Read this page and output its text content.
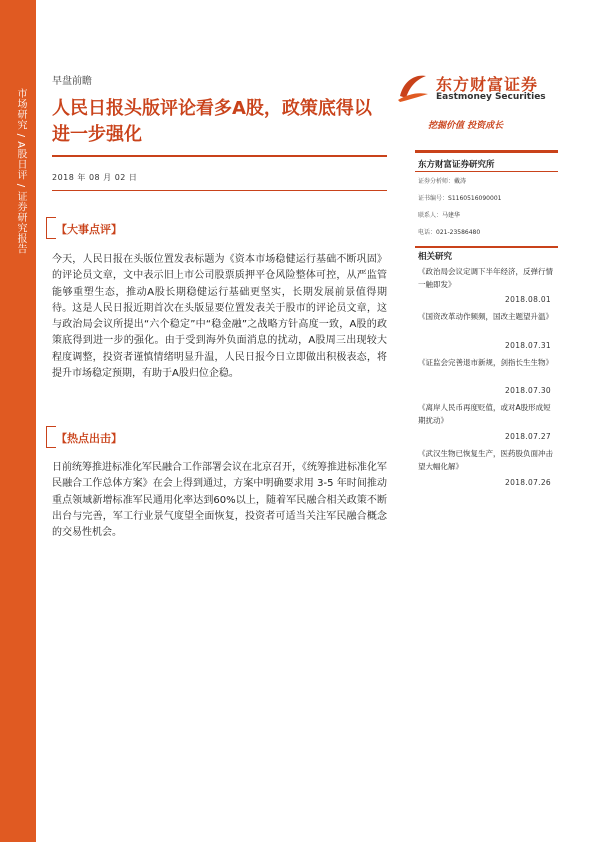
市场研究 / A股日评 / 证券研究报告
早盘前瞻
人民日报头版评论看多A股，政策底得以进一步强化
2018 年 08 月 02 日
【大事点评】
今天，人民日报在头版位置发表标题为《资本市场稳健运行基础不断巩固》的评论员文章，文中表示旧上市公司股票质押平仓风险整体可控，从严监管能够重塑生态，推动A股长期稳健运行基础更坚实，长期发展前景值得期待。这是人民日报近期首次在头版显要位置发表关于股市的评论员文章，这与政治局会议所提出“六个稳定”中“稳金融”之战略方针高度一致，A股的政策底得到进一步的强化。由于受到海外负面消息的扰动，A股周三出现较大程度调整，投资者谨慎情绪明显升温，人民日报今日立即做出积极表态，将提升市场稳定预期，有助于A股归位企稳。
【热点出击】
日前统筹推进标准化军民融合工作部署会议在北京召开，《统筹推进标准化军民融合工作总体方案》在会上得到通过，方案中明确要求用 3-5 年时间推动重点领域新增标准军民通用化率达到60%以上，随着军民融合相关政策不断出台与完善，军工行业景气度望全面恢复，投资者可适当关注军民融合概念的交易性机会。
东方财富证券
Eastmoney Securities
挖掘价值 投资成长
东方财富证券研究所
证券分析师：戴涛
证书编号：S1160516090001
联系人：马建华
电话：021-23586480
相关研究
《政治局会议定调下半年经济，反弹行情一触即发》
2018.08.01
《国资改革动作频频，国改主题望升温》
2018.07.31
《证监会完善退市新规，剑指长生生物》
2018.07.30
《离岸人民币再度贬值，或对A股形成短期扰动》
2018.07.27
《武汉生物已恢复生产，医药股负面冲击望大幅化解》
2018.07.26
